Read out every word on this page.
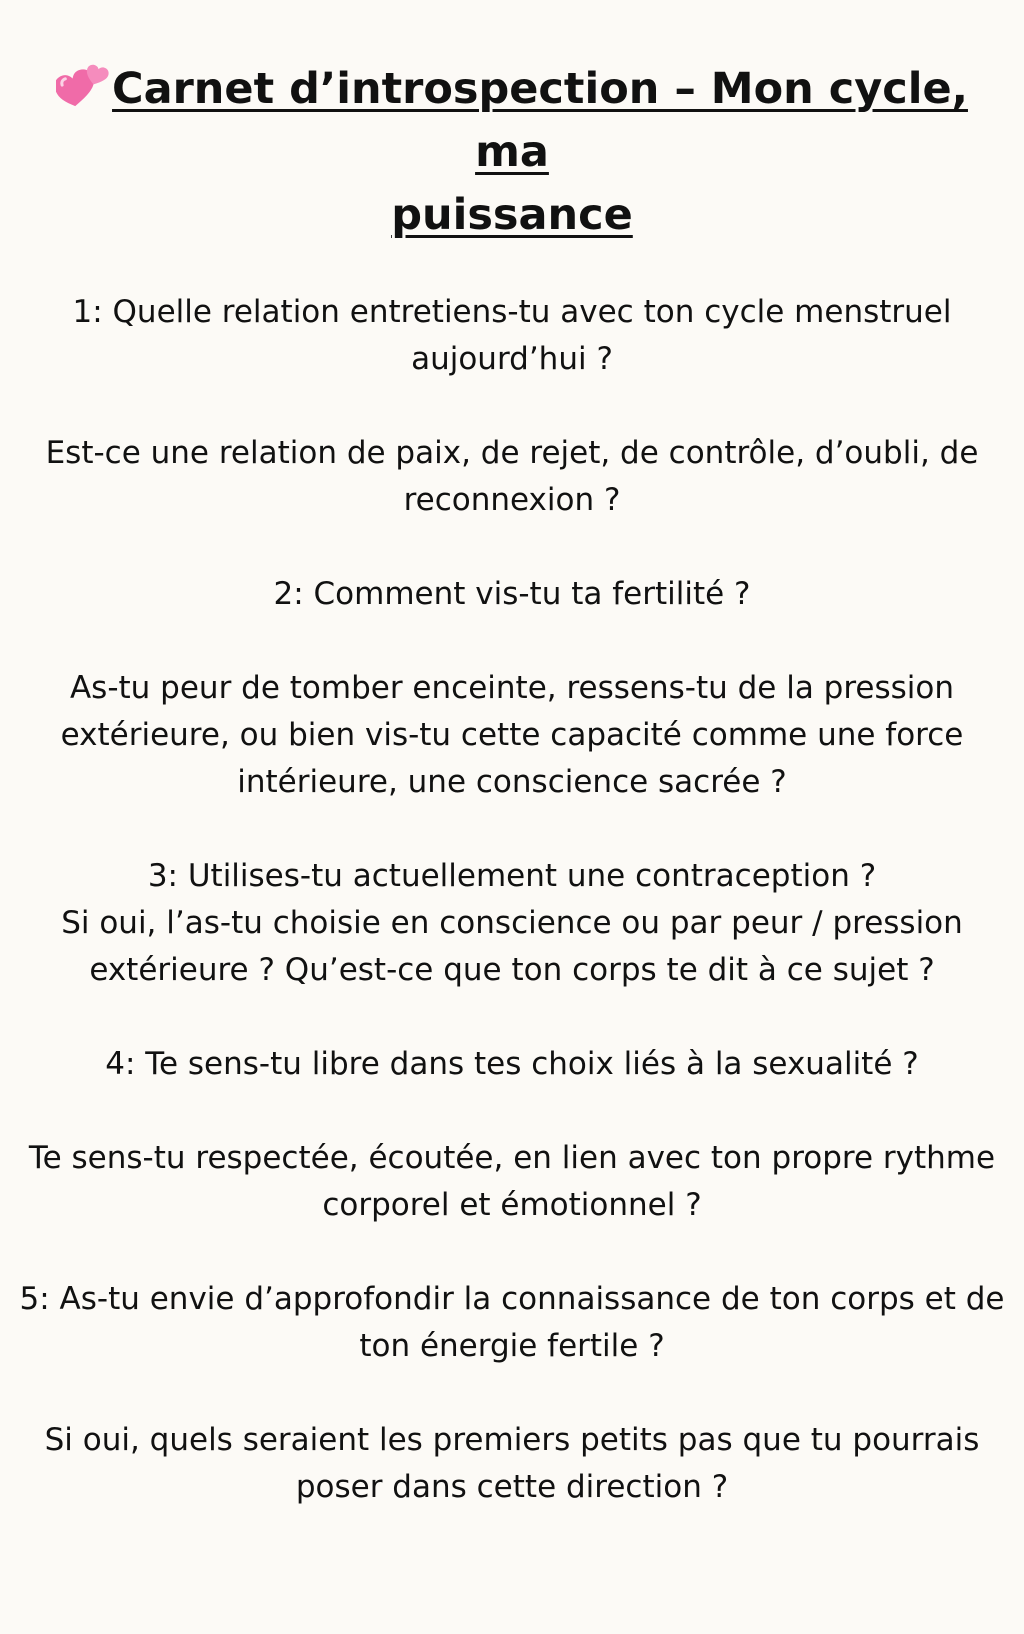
Carnet d’introspection – Mon cycle, ma
puissance

1: Quelle relation entretiens-tu avec ton cycle menstruel
aujourd’hui ?

Est-ce une relation de paix, de rejet, de contrôle, d’oubli, de
reconnexion ?

2: Comment vis-tu ta fertilité ?

As-tu peur de tomber enceinte, ressens-tu de la pression
extérieure, ou bien vis-tu cette capacité comme une force
intérieure, une conscience sacrée ?

3: Utilises-tu actuellement une contraception ?
Si oui, l’as-tu choisie en conscience ou par peur / pression
extérieure ? Qu’est-ce que ton corps te dit à ce sujet ?

4: Te sens-tu libre dans tes choix liés à la sexualité ?

Te sens-tu respectée, écoutée, en lien avec ton propre rythme
corporel et émotionnel ?

5: As-tu envie d’approfondir la connaissance de ton corps et de
ton énergie fertile ?

Si oui, quels seraient les premiers petits pas que tu pourrais
poser dans cette direction ?
